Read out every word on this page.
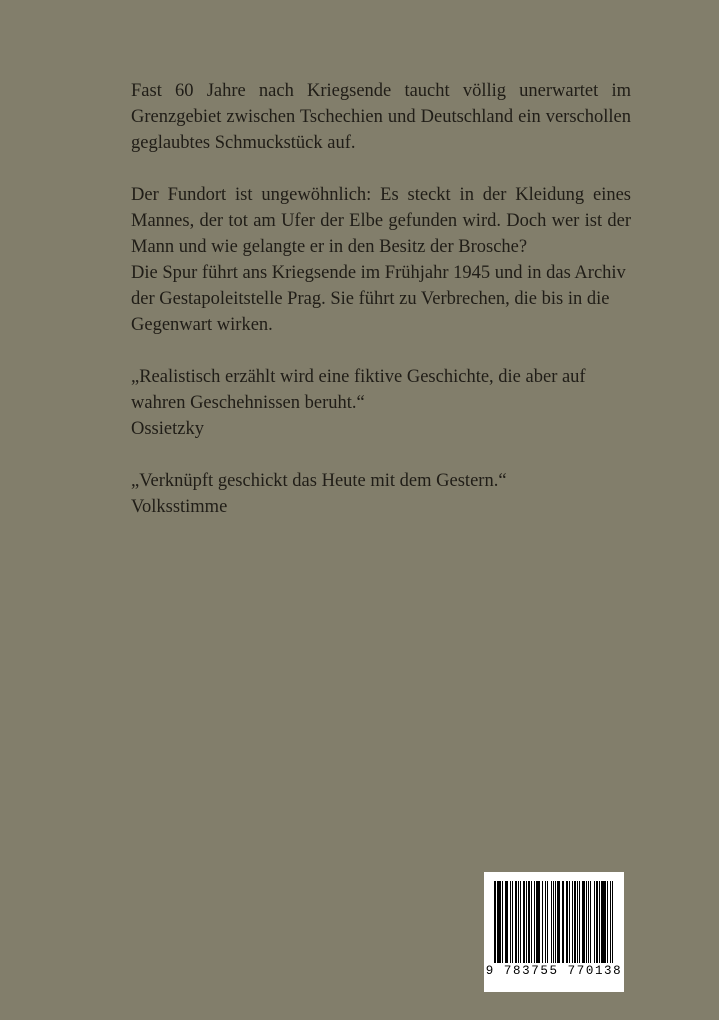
Fast 60 Jahre nach Kriegsende taucht völlig unerwartet im Grenzgebiet zwischen Tschechien und Deutschland ein verschollen geglaubtes Schmuckstück auf.

Der Fundort ist ungewöhnlich: Es steckt in der Kleidung eines Mannes, der tot am Ufer der Elbe gefunden wird. Doch wer ist der Mann und wie gelangte er in den Besitz der Brosche?

Die Spur führt ans Kriegsende im Frühjahr 1945 und in das Archiv der Gestapoleitstelle Prag. Sie führt zu Verbrechen, die bis in die Gegenwart wirken.

„Realistisch erzählt wird eine fiktive Geschichte, die aber auf wahren Geschehnissen beruht.“

Ossietzky

„Verknüpft geschickt das Heute mit dem Gestern.“

Volksstimme

9 783755 770138
